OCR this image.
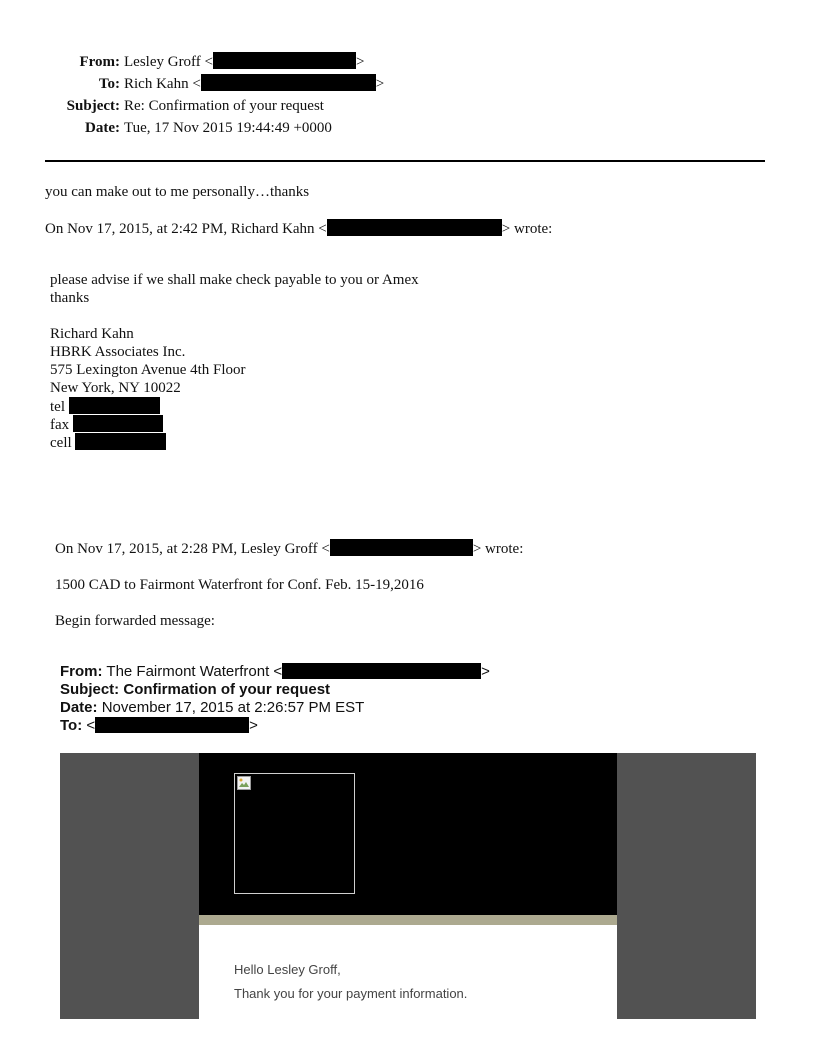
From: Lesley Groff <	>
To: Rich Kahn <	>
Subject: Re: Confirmation of your request
Date: Tue, 17 Nov 2015 19:44:49 +0000
you can make out to me personally…thanks
On Nov 17, 2015, at 2:42 PM, Richard Kahn <	> wrote:
please advise if we shall make check payable to you or Amex
thanks
Richard Kahn
HBRK Associates Inc.
575 Lexington Avenue 4th Floor
New York, NY 10022
tel
fax
cell
On Nov 17, 2015, at 2:28 PM, Lesley Groff <	> wrote:
1500 CAD to Fairmont Waterfront for Conf. Feb. 15-19,2016
Begin forwarded message:
From: The Fairmont Waterfront <	>
Subject: Confirmation of your request
Date: November 17, 2015 at 2:26:57 PM EST
To: <	>
Hello Lesley Groff,
Thank you for your payment information.
